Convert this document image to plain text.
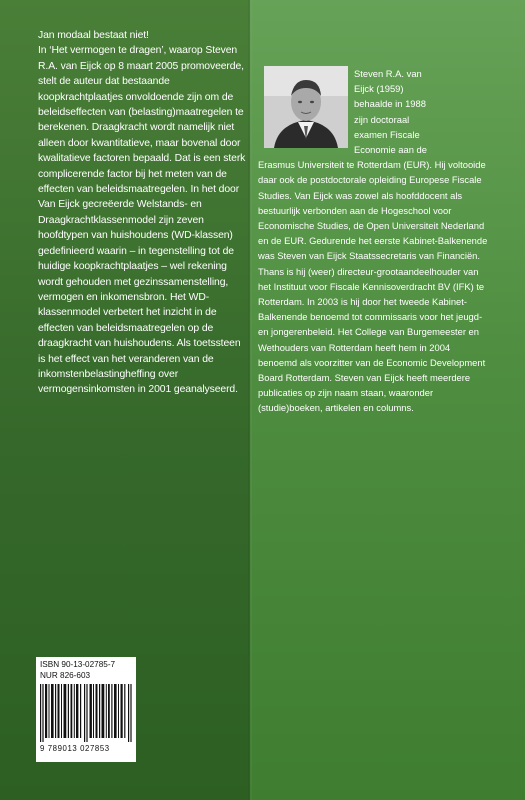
Jan modaal bestaat niet!

In ‘Het vermogen te dragen’, waarop Steven R.A. van Eijck op 8 maart 2005 promoveerde, stelt de auteur dat bestaande koopkrachtplaatjes onvoldoende zijn om de beleidseffecten van (belasting)maatregelen te berekenen. Draagkracht wordt namelijk niet alleen door kwantitatieve, maar bovenal door kwalitatieve factoren bepaald. Dat is een sterk complicerende factor bij het meten van de effecten van beleidsmaatregelen. In het door Van Eijck gecreëerde Welstands- en Draagkrachtklassenmodel zijn zeven hoofdtypen van huishoudens (WD-klassen) gedefinieerd waarin – in tegenstelling tot de huidige koopkrachtplaatjes – wel rekening wordt gehouden met gezinssamenstelling, vermogen en inkomensbron. Het WD-klassenmodel verbetert het inzicht in de effecten van beleidsmaatregelen op de draagkracht van huishoudens. Als toetssteen is het effect van het veranderen van de inkomstenbelastingheffing over vermogensinkomsten in 2001 geanalyseerd.

Steven R.A. van

Eijck (1959)

behaalde in 1988

zijn doctoraal

examen Fiscale

Economie aan de

Erasmus Universiteit te Rotterdam (EUR). Hij voltooide daar ook de postdoctorale opleiding Europese Fiscale Studies. Van Eijck was zowel als hoofddocent als bestuurlijk verbonden aan de Hogeschool voor Economische Studies, de Open Universiteit Nederland en de EUR. Gedurende het eerste Kabinet-Balkenende was Steven van Eijck Staatssecretaris van Financiën. Thans is hij (weer) directeur-grootaandeelhouder van het Instituut voor Fiscale Kennisoverdracht BV (IFK) te Rotterdam. In 2003 is hij door het tweede Kabinet-Balkenende benoemd tot commissaris voor het jeugd- en jongerenbeleid. Het College van Burgemeester en Wethouders van Rotterdam heeft hem in 2004 benoemd als voorzitter van de Economic Development Board Rotterdam. Steven van Eijck heeft meerdere publicaties op zijn naam staan, waaronder (studie)boeken, artikelen en columns.

ISBN 90-13-02785-7
NUR 826-603
9 789013 027853
